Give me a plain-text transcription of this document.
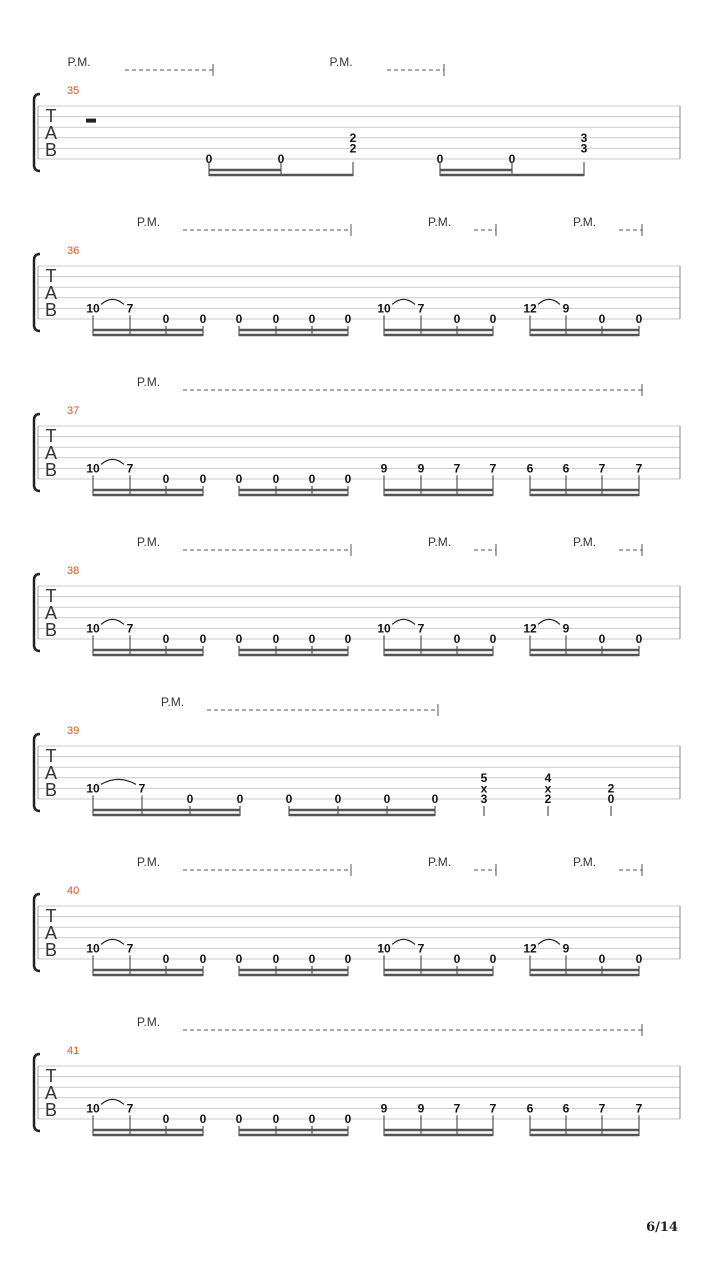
T
A
B
35
0	0
2
2
0	0
3
3
P.M.	P.M.
T
A
B
36
10 7
0	0 0	0 0 0
10 7
0 0
12 9
0	0
P.M.	P.M.	P.M.
T
A
B
37
10 7
0	0 0	0 0 0
9	9 7 7	6 6 7	7
P.M.
T
A
B
38
10 7
0	0 0	0 0 0
10 7
0 0
12 9
0	0
P.M.	P.M.	P.M.
T
A
B
39
10	7
0	0	0	0	0	0
5
x
3
4
x
2
2
0
P.M.
T
A
B
40
10 7
0	0 0	0 0 0
10 7
0 0
12 9
0	0
P.M.	P.M.	P.M.
T
A
B
41
10 7
0	0 0	0 0 0
9	9 7 7	6 6 7	7
P.M.
6/14
